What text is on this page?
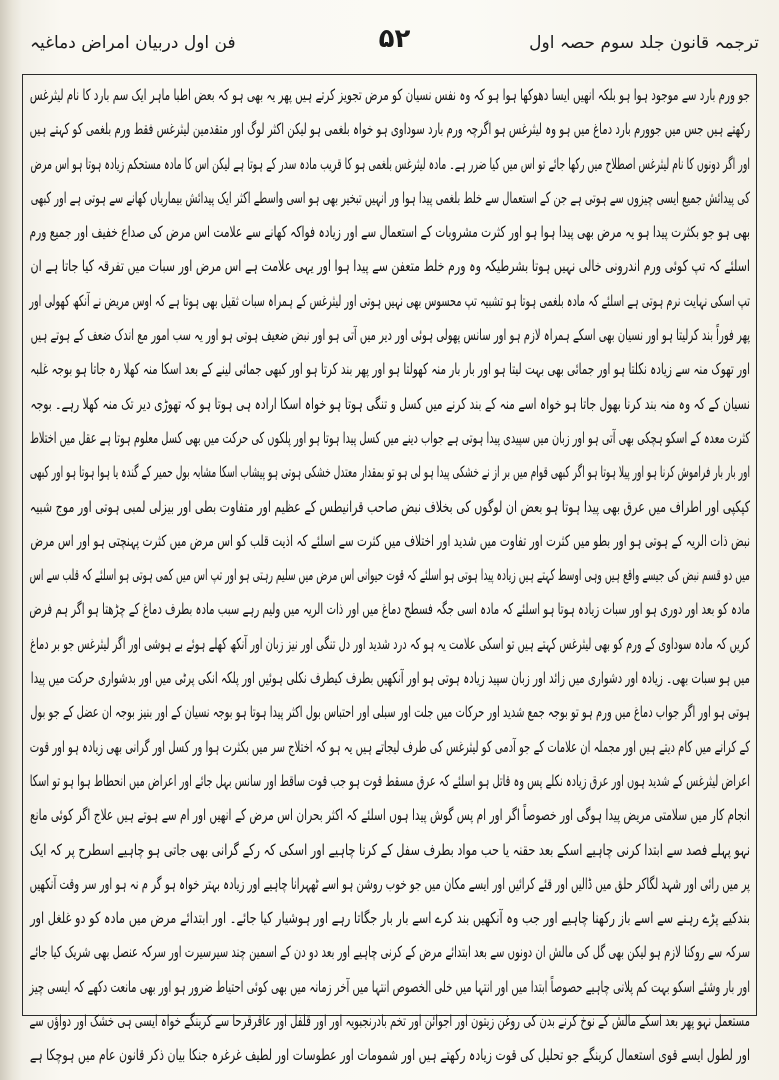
ترجمہ قانون جلد سوم حصہ اول
۵۲
فن اول دربیان امراض دماغیہ
جو ورم بارد سے موجود ہوا ہو بلکہ انھیں ایسا دھوکھا ہوا ہو کہ وہ نفس نسیان کو مرض تجویز کرتے ہیں پھر یہ بھی ہو کہ بعض اطبا ماہر ایک سم بارد کا نام لیثرغس
رکھتے ہیں جس میں جوورم بارد دماغ میں ہو وہ لیثرغس ہو اگرچہ ورم بارد سوداوی ہو خواہ بلغمی ہو لیکن اکثر لوگ اور متقدمین لیثرغس فقط ورم بلغمی کو کہتے ہیں
اور اگر دونوں کا نام لیثرغس اصطلاح میں رکھا جائے تو اس میں کیا ضرر ہے۔ مادہ لیثرغس بلغمی ہو کا قریب مادہ سدر کے ہوتا ہے لیکن اس کا مادہ مستحکم زیادہ ہوتا ہو اس مرض
کی پیدائش جمیع ایسی چیزوں سے ہوتی ہے جن کے استعمال سے خلط بلغمی پیدا ہوا ور انہیں تبخیر بھی ہو اسی واسطے اکثر ایک پیدائش بیماریاں کھانے سے ہوتی ہے اور کبھی
بھی ہو جو بکثرت پیدا ہو یہ مرض بھی پیدا ہوا ہو اور کثرت مشروبات کے استعمال سے اور زیادہ فواکہ کھانے سے علامت اس مرض کی صداع خفیف اور جمیع ورم
اسلئے کہ تپ کوئی ورم اندرونی خالی نہیں ہوتا بشرطیکہ وہ ورم خلط متعفن سے پیدا ہوا اور یہی علامت ہے اس مرض اور سبات میں تفرقہ کیا جاتا ہے ان
تپ اسکی نہایت نرم ہوتی ہے اسلئے کہ مادہ بلغمی ہوتا ہو تشبیہ تپ محسوس بھی نہیں ہوتی اور لیثرغس کے ہمراہ سبات ثقیل بھی ہوتا ہے کہ اوس مریض نے آنکھ کھولی اور
پھر فوراً بند کرلیتا ہو اور نسیان بھی اسکے ہمراہ لازم ہو اور سانس پھولی ہوئی اور دیر میں آتی ہو اور نبض ضعیف ہوتی ہو اور یہ سب امور مع اندک ضعف کے ہوتے ہیں
اور تھوک منہ سے زیادہ نکلتا ہو اور جمائی بھی بہت لیتا ہو اور بار بار منہ کھولتا ہو اور پھر بند کرتا ہو اور کبھی جمائی لینے کے بعد اسکا منہ کھلا رہ جاتا ہو بوجہ غلبہ
نسیان کے کہ وہ منہ بند کرنا بھول جاتا ہو خواہ اسے منہ کے بند کرنے میں کسل و تنگی ہوتا ہو خواہ اسکا ارادہ ہی ہوتا ہو کہ تھوڑی دیر تک منہ کھلا رہے۔ بوجہ
کثرت معدہ کے اسکو ہچکی بھی آتی ہو اور زبان میں سپیدی پیدا ہوتی ہے جواب دینے میں کسل پیدا ہوتا ہو اور پلکوں کی حرکت میں بھی کسل معلوم ہوتا ہے عقل میں اختلاط
اور بار بار فراموش کرنا ہو اور پیلا ہوتا ہو اگر کبھی قوام میں بر از نے خشکی پیدا ہو لی ہو تو بمقدار معتدل خشکی ہوتی ہو پیشاب اسکا مشابہ بول حمیر کے گندہ یا ہوا ہوتا ہو اور کبھی
کپکپی اور اطراف میں عرق بھی پیدا ہوتا ہو بعض ان لوگوں کی بخلاف نبض صاحب قرانیطس کے عظیم اور متفاوت بطی اور بیزلی لمبی ہوتی اور موج شبیہ
نبض ذات الریہ کے ہوتی ہو اور بطو میں کثرت اور تفاوت میں شدید اور اختلاف میں کثرت سے اسلئے کہ اذیت قلب کو اس مرض میں کثرت پہنچتی ہو اور اس مرض
میں دو قسم نبض کی جیسے واقع ہیں وہی اوسط کہتے ہیں زیادہ پیدا ہوتی ہو اسلئے کہ قوت حیوانی اس مرض میں سلیم رہتی ہو اور تپ اس میں کمی ہوتی ہو اسلئے کہ قلب سے اس
مادہ کو بعد اور دوری ہو اور سبات زیادہ ہوتا ہو اسلئے کہ مادہ اسی جگہ فسطح دماغ میں اور ذات الریہ میں ولیم رہے سبب مادہ بطرف دماغ کے چڑھتا ہو اگر ہم فرض
کریں کہ مادہ سوداوی کے ورم کو بھی لیثرغس کہتے ہیں تو اسکی علامت یہ ہو کہ درد شدید اور دل تنگی اور نیز زبان اور آنکھ کھلے ہوئے بے ہوشی اور اگر لیثرغس جو بر دماغ
میں ہو سبات بھی۔ زیادہ اور دشواری میں زائد اور زبان سپید زیادہ ہوتی ہو اور آنکھیں بطرف کیطرف نکلی ہوئیں اور پلکہ انکی پرٹی میں اور بدشواری حرکت میں پیدا
ہوتی ہو اور اگر جواب دماغ میں ورم ہو تو بوجہ جمع شدید اور حرکات میں جلت اور سبلی اور احتباس بول اکثر پیدا ہوتا ہو بوجہ نسیان کے اور بنیز بوجہ ان عضل کے جو بول
کے کرانے میں کام دیتے ہیں اور مجملہ ان علامات کے جو آدمی کو لیثرغس کی طرف لیجاتے ہیں یہ ہو کہ اختلاج سر میں بکثرت ہوا ور کسل اور گرانی بھی زیادہ ہو اور قوت
اعراض لیثرغس کے شدید ہوں اور عرق زیادہ نکلے پس وہ قاتل ہو اسلئے کہ عرق مسقط قوت ہو جب قوت ساقط اور سانس بہل جائے اور اعراض میں انحطاط ہوا ہو تو اسکا
انجام کار میں سلامتی مریض پیدا ہوگی اور خصوصاً اگر اور ام پس گوش پیدا ہوں اسلئے کہ اکثر بحران اس مرض کے انھیں اور ام سے ہوتے ہیں علاج اگر کوئی مانع
نہو پہلے فصد سے ابتدا کرنی چاہیے اسکے بعد حقنہ یا حب مواد بطرف سفل کے کرنا چاہیے اور اسکی کہ رکے گرانی بھی جاتی ہو چاہیے اسطرح پر کہ ایک
پر میں رائی اور شہد لگاکر حلق میں ڈالیں اور قئے کرائیں اور ایسے مکان میں جو خوب روشن ہو اسے ٹھہرانا چاہیے اور زیادہ بہتر خواہ ہو گر م نہ ہو اور سر وقت آنکھیں
بندکیے پڑے رہنے سے اسے باز رکھنا چاہیے اور جب وہ آنکھیں بند کرے اسے بار بار جگاتا رہے اور ہوشیار کیا جائے۔ اور ابتدائے مرض میں مادہ کو دو غلغل اور
سرکہ سے روکنا لازم ہو لیکن بھی گل کی مالش ان دونوں سے بعد ابتدائے مرض کے کرنی چاہیے اور بعد دو دن کے اسمین چند سیرسیرت اور سرکہ عنصل بھی شریک کیا جائے
اور بار وشئے اسکو بہت کم پلانی چاہیے حصوصاً ابتدا میں اور انتہا میں خلی الخصوص انتہا میں آخر زمانہ میں بھی کوئی احتیاط ضرور ہو اور بھی مانعت دکھے کہ ایسی چیز
مستعمل نہو پھر بعد اسکے مالش کے نوخ کرنے بدن کی روغن زیتون اور اجوائن اور تخم بادرنجبویہ اور اور قلفل اور عاقرقرحا سے کرینگے خواہ ایسی ہی خشک اور دواؤں سے
اور لطول ایسے قوی استعمال کرینگے جو تحلیل کی قوت زیادہ رکھتے ہیں اور شمومات اور عطوسات اور لطیف غرغرہ جنکا بیان ذکر قانون عام میں ہوچکا ہے
